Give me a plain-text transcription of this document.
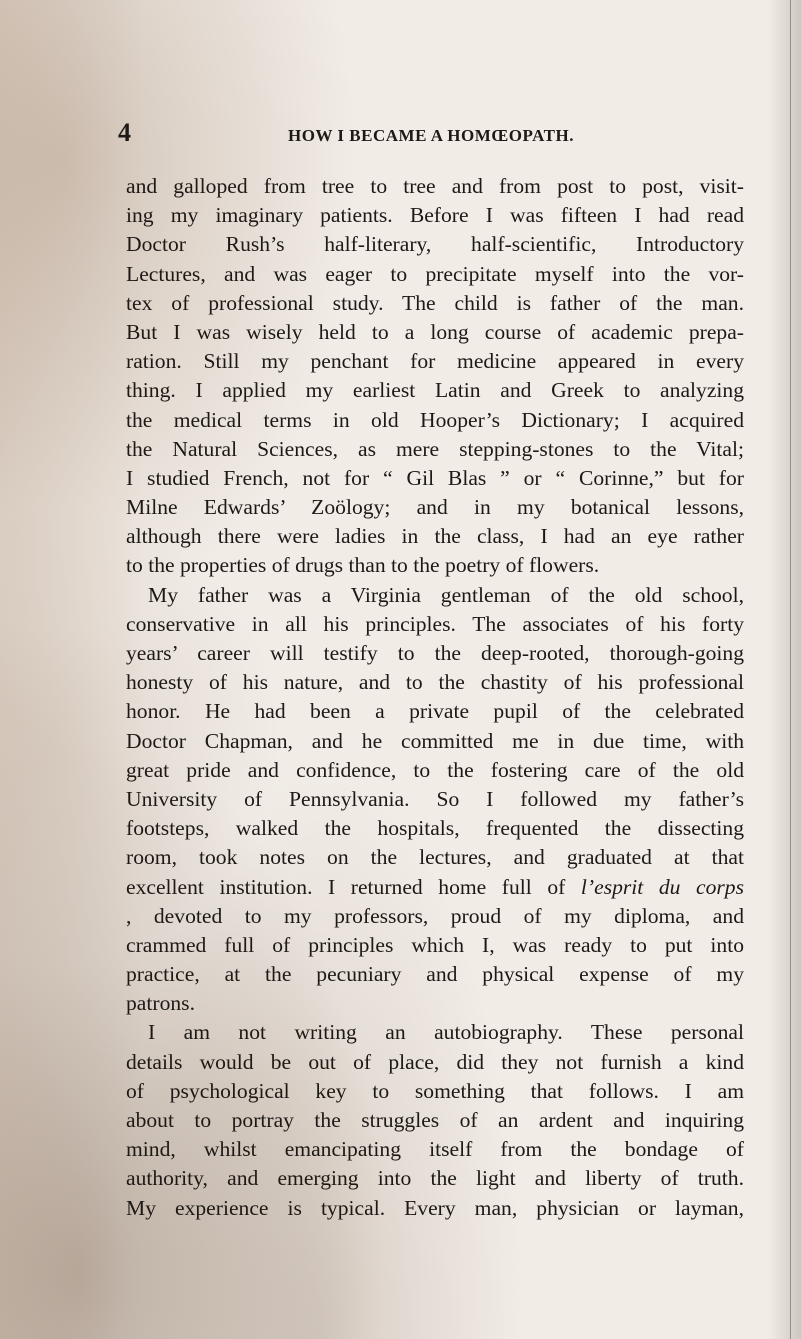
4	HOW I BECAME A HOMŒOPATH.
and galloped from tree to tree and from post to post, visit-
ing my imaginary patients. Before I was fifteen I had read
Doctor Rush’s half-literary, half-scientific, Introductory
Lectures, and was eager to precipitate myself into the vor-
tex of professional study. The child is father of the man.
But I was wisely held to a long course of academic prepa-
ration. Still my penchant for medicine appeared in every
thing. I applied my earliest Latin and Greek to analyzing
the medical terms in old Hooper’s Dictionary; I acquired
the Natural Sciences, as mere stepping-stones to the Vital;
I studied French, not for “ Gil Blas ” or “ Corinne,” but for
Milne Edwards’ Zoölogy; and in my botanical lessons,
although there were ladies in the class, I had an eye rather
to the properties of drugs than to the poetry of flowers.
My father was a Virginia gentleman of the old school,
conservative in all his principles. The associates of his forty
years’ career will testify to the deep-rooted, thorough-going
honesty of his nature, and to the chastity of his professional
honor. He had been a private pupil of the celebrated
Doctor Chapman, and he committed me in due time, with
great pride and confidence, to the fostering care of the old
University of Pennsylvania. So I followed my father’s
footsteps, walked the hospitals, frequented the dissecting
room, took notes on the lectures, and graduated at that
excellent institution. I returned home full of l’esprit du corps
, devoted to my professors, proud of my diploma, and
crammed full of principles which I, was ready to put into
practice, at the pecuniary and physical expense of my
patrons.
I am not writing an autobiography. These personal
details would be out of place, did they not furnish a kind
of psychological key to something that follows. I am
about to portray the struggles of an ardent and inquiring
mind, whilst emancipating itself from the bondage of
authority, and emerging into the light and liberty of truth.
My experience is typical. Every man, physician or layman,
